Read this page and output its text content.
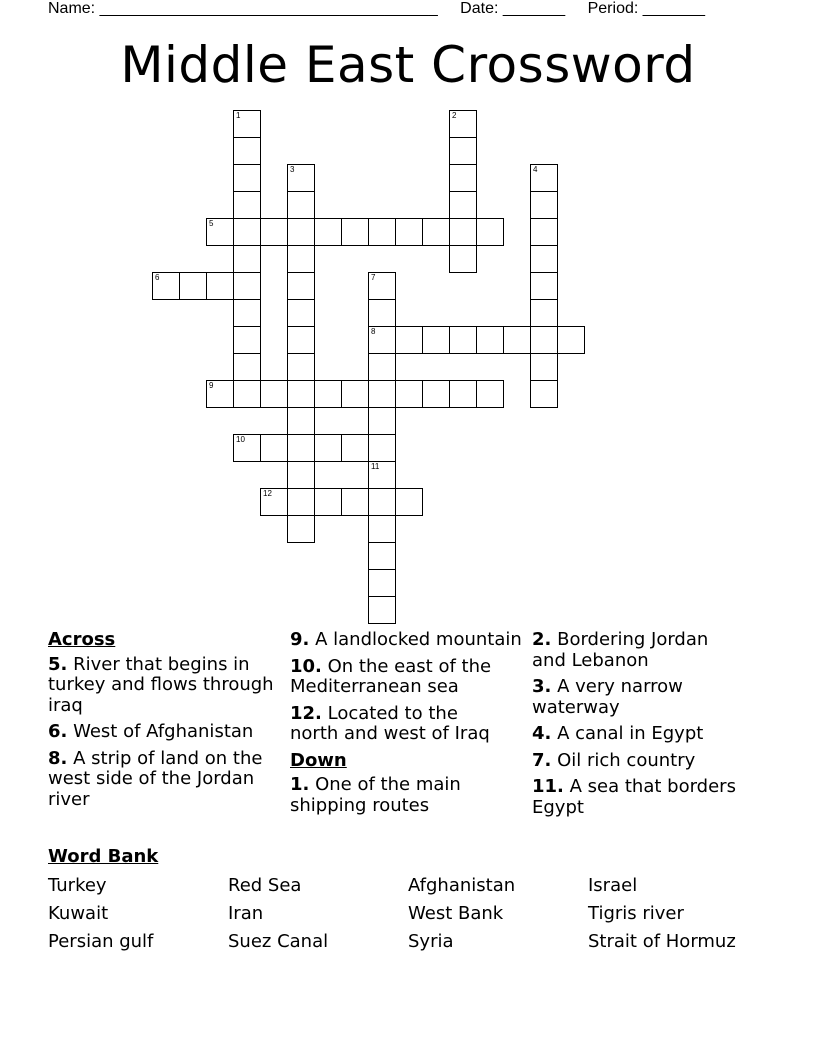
Name: ______________________________________ Date: _______ Period: _______
Middle East Crossword
1	2
3	4
5
6	7
8
9
10
11
12
Across
5. River that begins in turkey and flows through iraq
6. West of Afghanistan
8. A strip of land on the west side of the Jordan river
9. A landlocked mountain
10. On the east of the Mediterranean sea
12. Located to the north and west of Iraq
Down
1. One of the main shipping routes
2. Bordering Jordan and Lebanon
3. A very narrow waterway
4. A canal in Egypt
7. Oil rich country
11. A sea that borders Egypt
Word Bank
Turkey	Red Sea	Afghanistan	Israel
Kuwait	Iran	West Bank	Tigris river
Persian gulf	Suez Canal	Syria	Strait of Hormuz
